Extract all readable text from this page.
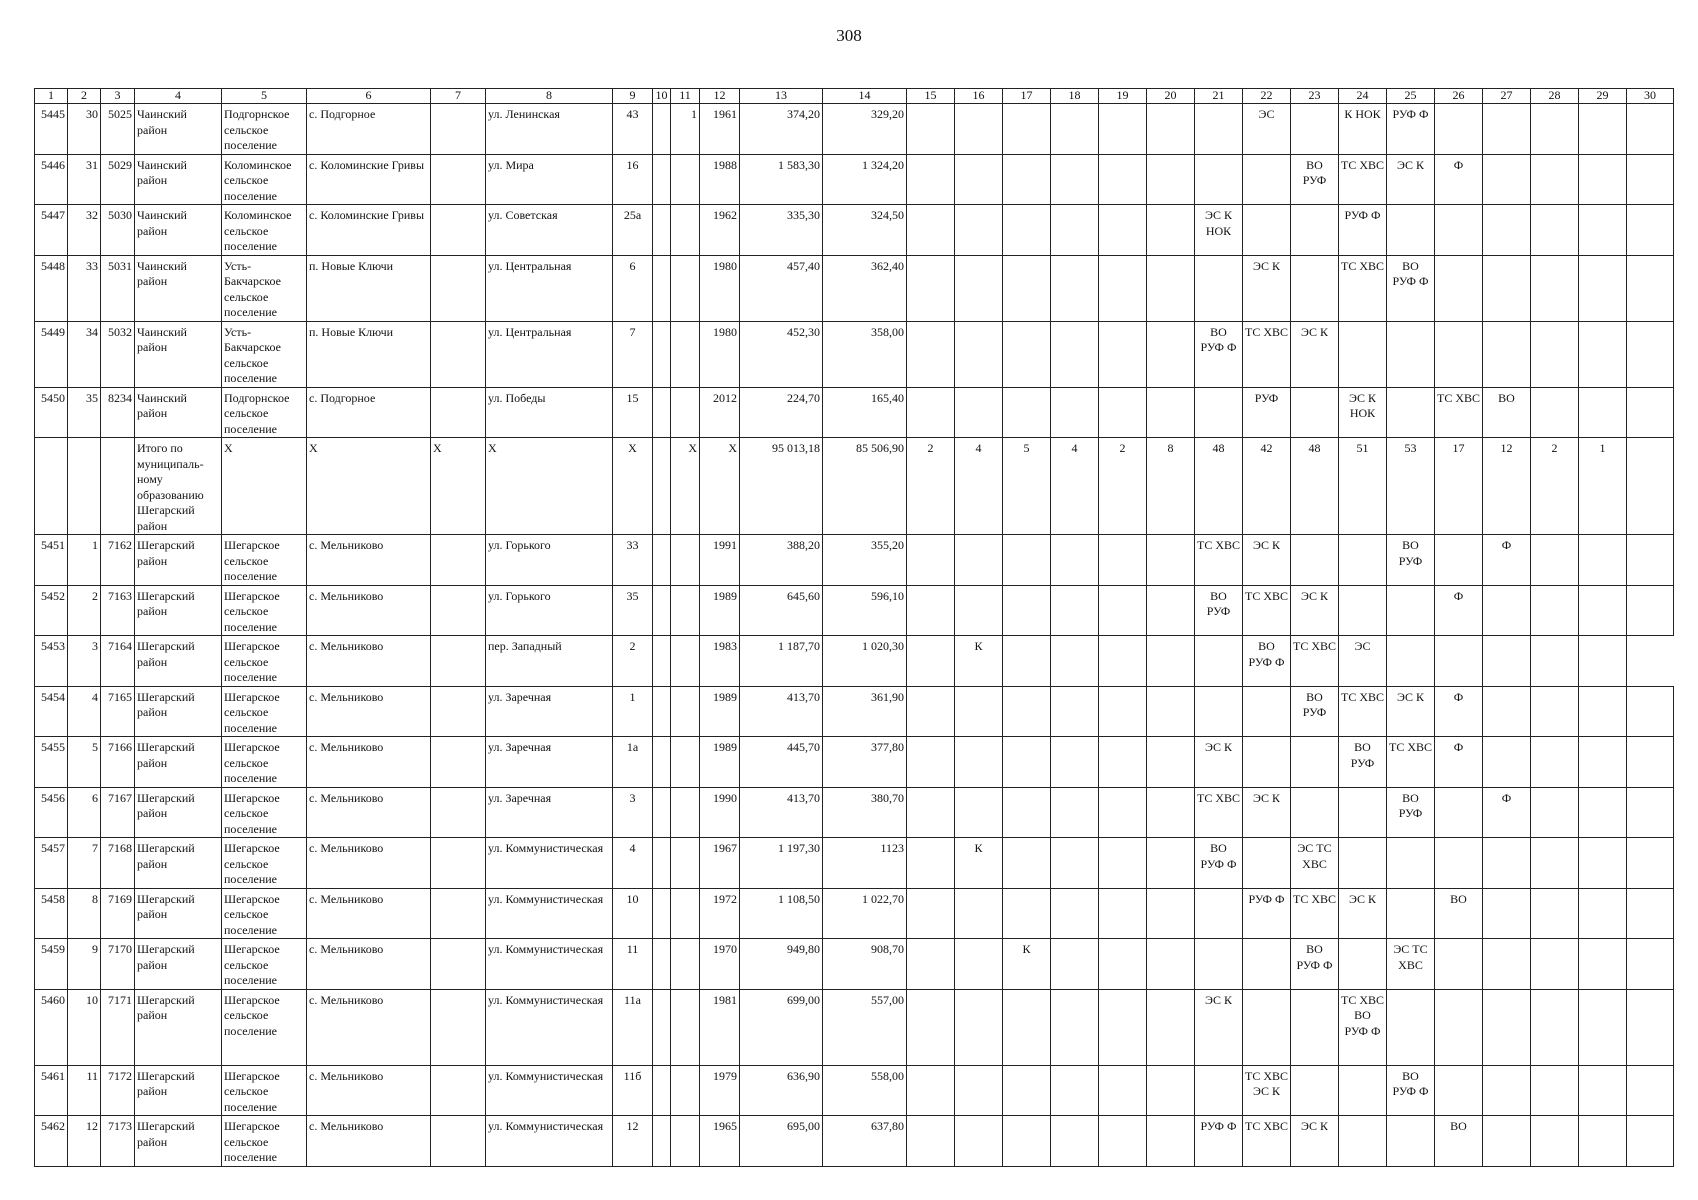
308
1	2	3	4	5	6	7	8	9	10	11	12	13	14	15	16	17	18	19	20	21	22	23	24	25	26	27	28	29	30
5445	30	5025	Чаинский район	Подгорнское сельское поселение	с. Подгорное		ул. Ленинская	43		1	1961	374,20	329,20								ЭС		К НОК	РУФ Ф					
5446	31	5029	Чаинский район	Коломинское сельское поселение	с. Коломинские Гривы		ул. Мира	16			1988	1 583,30	1 324,20									ВО РУФ	ТС ХВС	ЭС К	Ф				
5447	32	5030	Чаинский район	Коломинское сельское поселение	с. Коломинские Гривы		ул. Советская	25а			1962	335,30	324,50							ЭС К НОК			РУФ Ф						
5448	33	5031	Чаинский район	Усть-Бакчарское сельское поселение	п. Новые Ключи		ул. Центральная	6			1980	457,40	362,40								ЭС К		ТС ХВС	ВО РУФ Ф					
5449	34	5032	Чаинский район	Усть-Бакчарское сельское поселение	п. Новые Ключи		ул. Центральная	7			1980	452,30	358,00							ВО РУФ Ф	ТС ХВС	ЭС К							
5450	35	8234	Чаинский район	Подгорнское сельское поселение	с. Подгорное		ул. Победы	15			2012	224,70	165,40								РУФ		ЭС К НОК		ТС ХВС	ВО			
			Итого по муниципаль-ному образованию Шегарский район	Х	Х	Х	Х	Х		Х	Х	95 013,18	85 506,90	2	4	5	4	2	8	48	42	48	51	53	17	12	2	1	
5451	1	7162	Шегарский район	Шегарское сельское поселение	с. Мельниково		ул. Горького	33			1991	388,20	355,20							ТС ХВС	ЭС К			ВО РУФ		Ф			
5452	2	7163	Шегарский район	Шегарское сельское поселение	с. Мельниково		ул. Горького	35			1989	645,60	596,10							ВО РУФ	ТС ХВС	ЭС К			Ф				
5453	3	7164	Шегарский район	Шегарское сельское поселение	с. Мельниково		пер. Западный	2			1983	1 187,70	1 020,30		К						ВО РУФ Ф	ТС ХВС	ЭС						
5454	4	7165	Шегарский район	Шегарское сельское поселение	с. Мельниково		ул. Заречная	1			1989	413,70	361,90									ВО РУФ	ТС ХВС	ЭС К	Ф				
5455	5	7166	Шегарский район	Шегарское сельское поселение	с. Мельниково		ул. Заречная	1а			1989	445,70	377,80							ЭС К			ВО РУФ	ТС ХВС	Ф				
5456	6	7167	Шегарский район	Шегарское сельское поселение	с. Мельниково		ул. Заречная	3			1990	413,70	380,70							ТС ХВС	ЭС К			ВО РУФ		Ф			
5457	7	7168	Шегарский район	Шегарское сельское поселение	с. Мельниково		ул. Коммунистическая	4			1967	1 197,30	1123		К					ВО РУФ Ф		ЭС ТС ХВС							
5458	8	7169	Шегарский район	Шегарское сельское поселение	с. Мельниково		ул. Коммунистическая	10			1972	1 108,50	1 022,70								РУФ Ф	ТС ХВС	ЭС К		ВО				
5459	9	7170	Шегарский район	Шегарское сельское поселение	с. Мельниково		ул. Коммунистическая	11			1970	949,80	908,70			К						ВО РУФ Ф		ЭС ТС ХВС					
5460	10	7171	Шегарский район	Шегарское сельское поселение	с. Мельниково		ул. Коммунистическая	11а			1981	699,00	557,00							ЭС К			ТС ХВС ВО РУФ Ф						
5461	11	7172	Шегарский район	Шегарское сельское поселение	с. Мельниково		ул. Коммунистическая	11б			1979	636,90	558,00								ТС ХВС ЭС К			ВО РУФ Ф					
5462	12	7173	Шегарский район	Шегарское сельское поселение	с. Мельниково		ул. Коммунистическая	12			1965	695,00	637,80							РУФ Ф	ТС ХВС	ЭС К			ВО				
